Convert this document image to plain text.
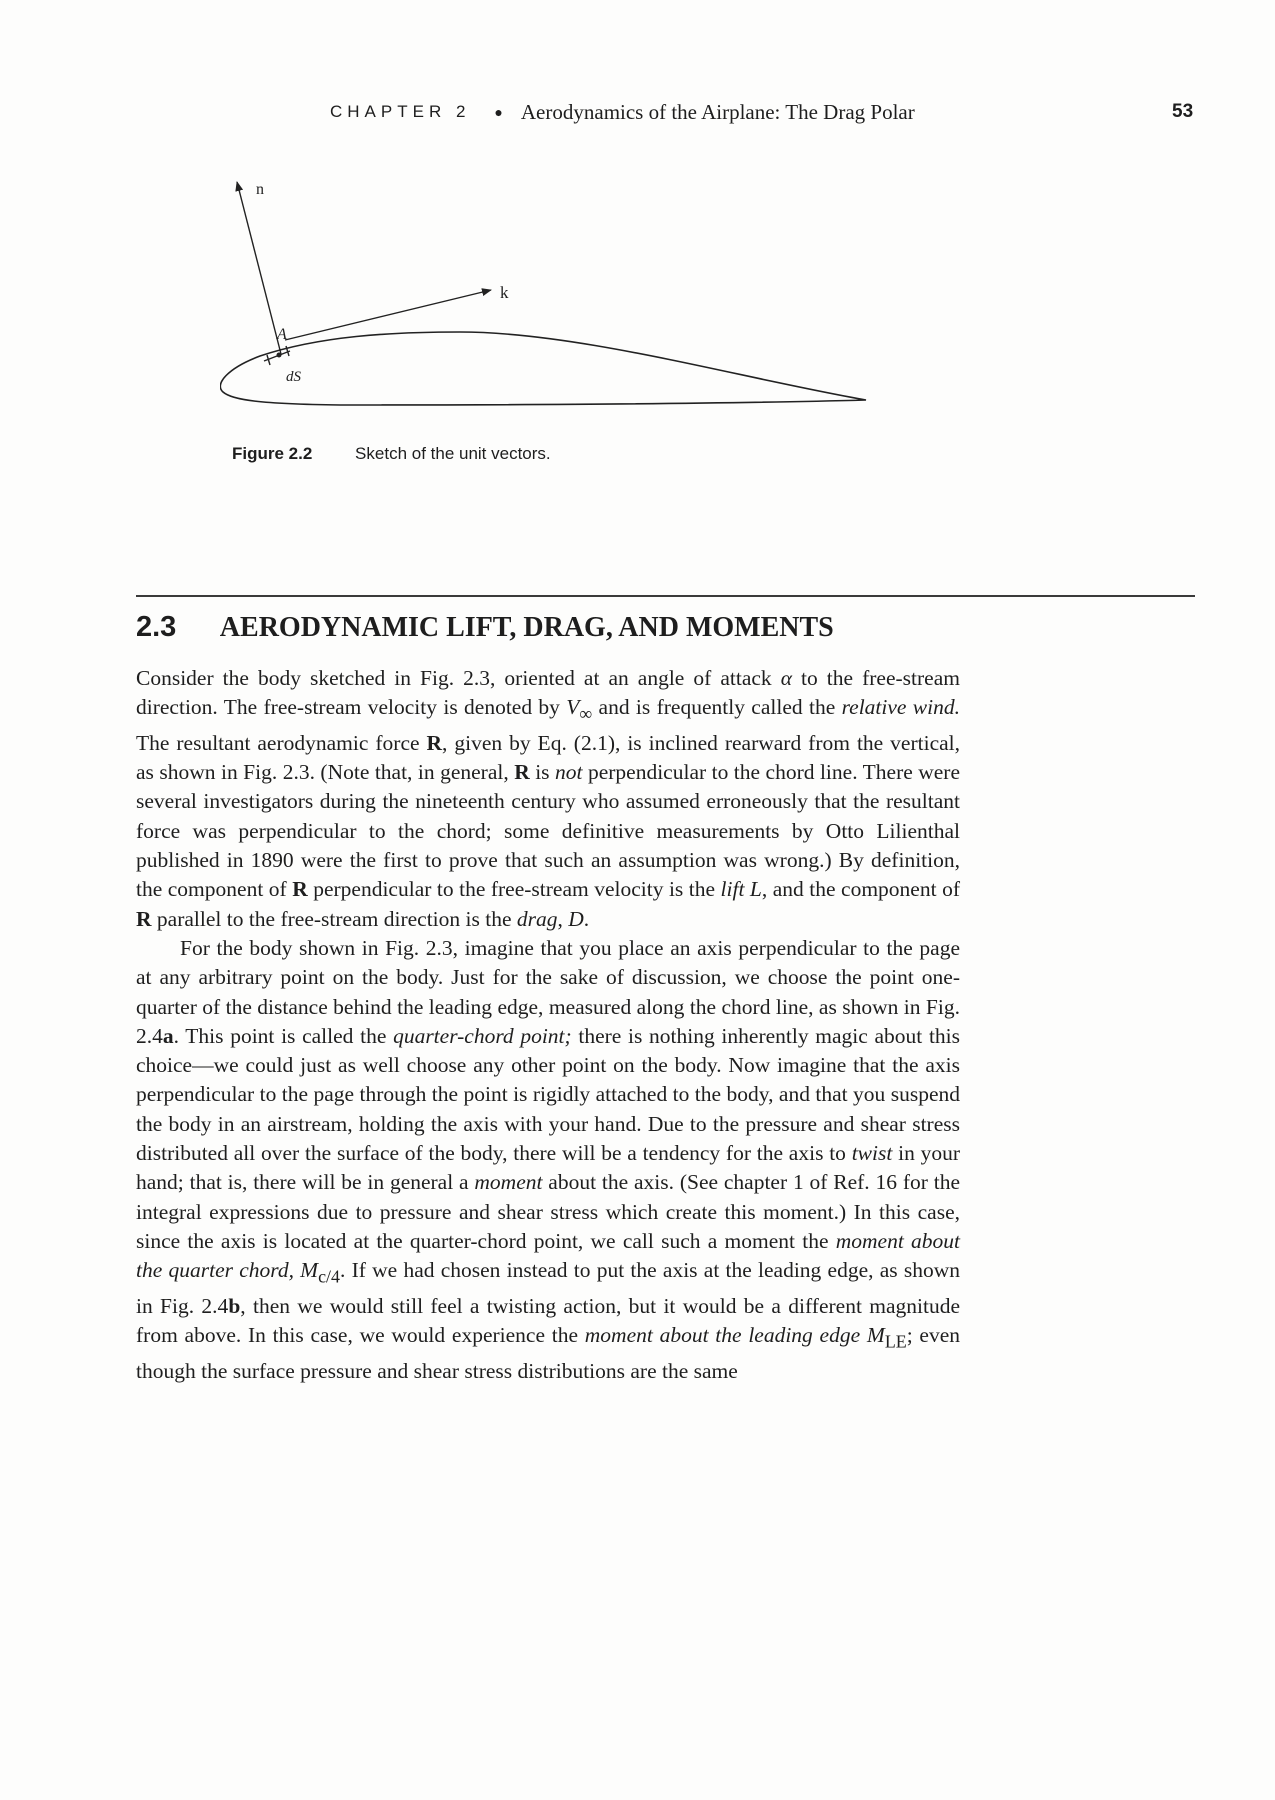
CHAPTER 2 ● Aerodynamics of the Airplane: The Drag Polar	53
n
k
A
dS
Figure 2.2	Sketch of the unit vectors.
2.3 AERODYNAMIC LIFT, DRAG, AND MOMENTS

Consider the body sketched in Fig. 2.3, oriented at an angle of attack α to the free-stream direction. The free-stream velocity is denoted by $V_\infty$ and is frequently called the relative wind. The resultant aerodynamic force R, given by Eq. (2.1), is inclined rearward from the vertical, as shown in Fig. 2.3. (Note that, in general, R is not perpendicular to the chord line. There were several investigators during the nineteenth century who assumed erroneously that the resultant force was perpendicular to the chord; some definitive measurements by Otto Lilienthal published in 1890 were the first to prove that such an assumption was wrong.) By definition, the component of R perpendicular to the free-stream velocity is the lift L, and the component of R parallel to the free-stream direction is the drag, D.

For the body shown in Fig. 2.3, imagine that you place an axis perpendicular to the page at any arbitrary point on the body. Just for the sake of discussion, we choose the point one-quarter of the distance behind the leading edge, measured along the chord line, as shown in Fig. 2.4a. This point is called the quarter-chord point; there is nothing inherently magic about this choice—we could just as well choose any other point on the body. Now imagine that the axis perpendicular to the page through the point is rigidly attached to the body, and that you suspend the body in an airstream, holding the axis with your hand. Due to the pressure and shear stress distributed all over the surface of the body, there will be a tendency for the axis to twist in your hand; that is, there will be in general a moment about the axis. (See chapter 1 of Ref. 16 for the integral expressions due to pressure and shear stress which create this moment.) In this case, since the axis is located at the quarter-chord point, we call such a moment the moment about the quarter chord, $M_{c/4}$. If we had chosen instead to put the axis at the leading edge, as shown in Fig. 2.4b, then we would still feel a twisting action, but it would be a different magnitude from above. In this case, we would experience the moment about the leading edge $M_{LE}$; even though the surface pressure and shear stress distributions are the same
